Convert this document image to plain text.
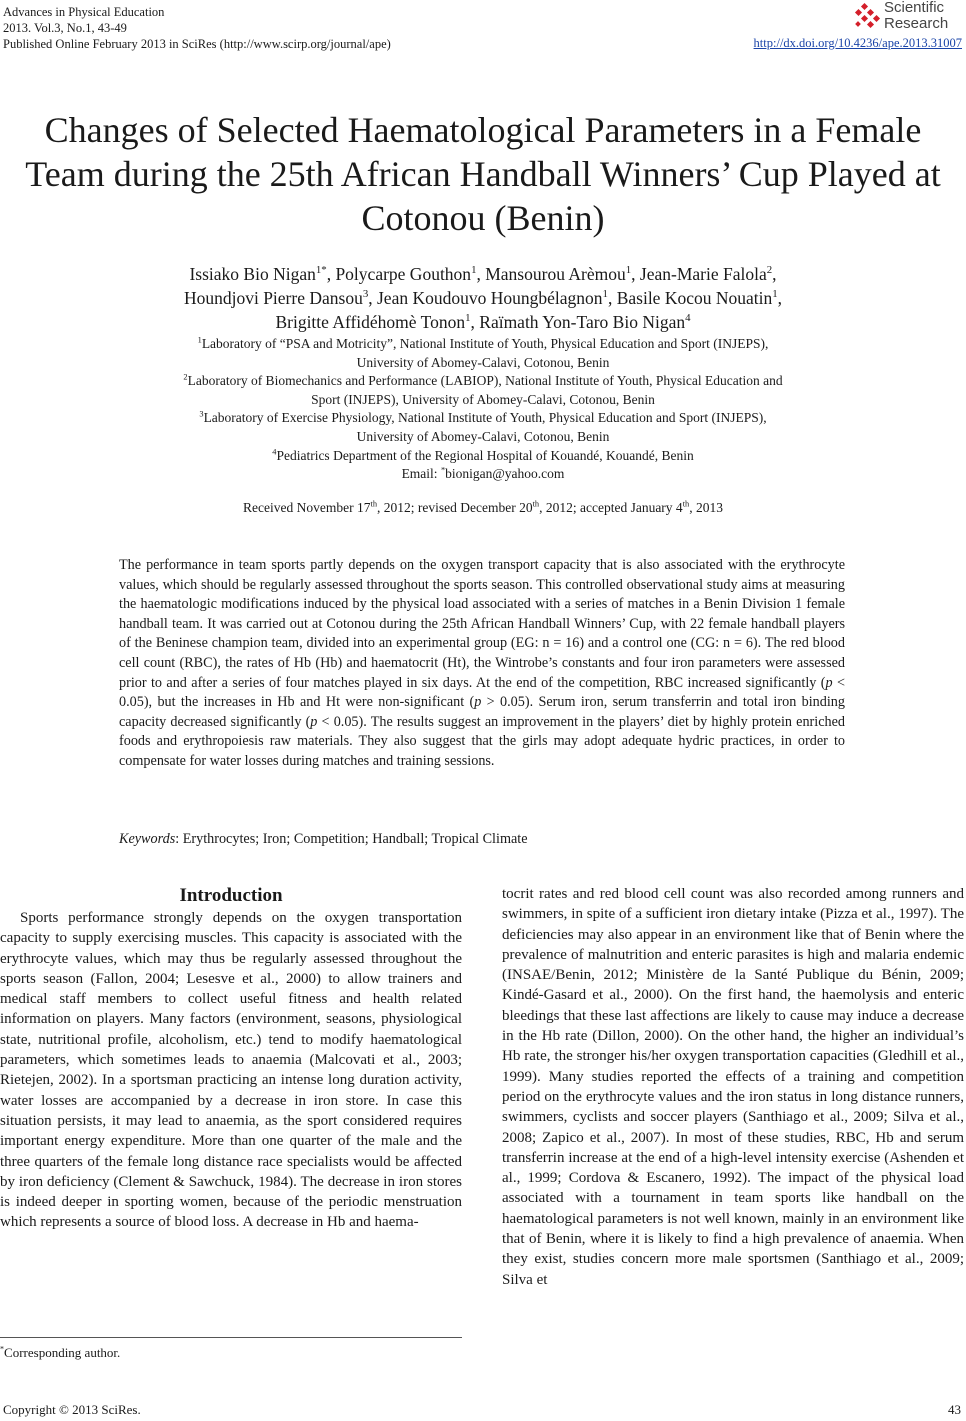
Advances in Physical Education
2013. Vol.3, No.1, 43-49
Published Online February 2013 in SciRes (http://www.scirp.org/journal/ape)	http://dx.doi.org/10.4236/ape.2013.31007
Scientific
Research
Changes of Selected Haematological Parameters in a Female Team during the 25th African Handball Winners’ Cup Played at Cotonou (Benin)
Issiako Bio Nigan$^{1*}$, Polycarpe Gouthon$^1$, Mansourou Arèmou$^1$, Jean-Marie Falola$^2$,
Houndjovi Pierre Dansou$^3$, Jean Koudouvo Houngbélagnon$^1$, Basile Kocou Nouatin$^1$,
Brigitte Affidéhomè Tonon$^1$, Raïmath Yon-Taro Bio Nigan$^4$
$^1$Laboratory of “PSA and Motricity”, National Institute of Youth, Physical Education and Sport (INJEPS),
University of Abomey-Calavi, Cotonou, Benin
$^2$Laboratory of Biomechanics and Performance (LABIOP), National Institute of Youth, Physical Education and
Sport (INJEPS), University of Abomey-Calavi, Cotonou, Benin
$^3$Laboratory of Exercise Physiology, National Institute of Youth, Physical Education and Sport (INJEPS),
University of Abomey-Calavi, Cotonou, Benin
$^4$Pediatrics Department of the Regional Hospital of Kouandé, Kouandé, Benin
Email: *bionigan@yahoo.com
Received November 17th, 2012; revised December 20th, 2012; accepted January 4th, 2013
The performance in team sports partly depends on the oxygen transport capacity that is also associated with the erythrocyte values, which should be regularly assessed throughout the sports season. This controlled observational study aims at measuring the haematologic modifications induced by the physical load associated with a series of matches in a Benin Division 1 female handball team. It was carried out at Cotonou during the 25th African Handball Winners’ Cup, with 22 female handball players of the Beninese champion team, divided into an experimental group (EG: n = 16) and a control one (CG: n = 6). The red blood cell count (RBC), the rates of Hb (Hb) and haematocrit (Ht), the Wintrobe’s constants and four iron parameters were assessed prior to and after a series of four matches played in six days. At the end of the competition, RBC increased significantly (p < 0.05), but the increases in Hb and Ht were non-significant (p > 0.05). Serum iron, serum transferrin and total iron binding capacity decreased significantly (p < 0.05). The results suggest an improvement in the players’ diet by highly protein enriched foods and erythropoiesis raw materials. They also suggest that the girls may adopt adequate hydric practices, in order to compensate for water losses during matches and training sessions.
Keywords: Erythrocytes; Iron; Competition; Handball; Tropical Climate

Introduction

Sports performance strongly depends on the oxygen transportation capacity to supply exercising muscles. This capacity is associated with the erythrocyte values, which may thus be regularly assessed throughout the sports season (Fallon, 2004; Lesesve et al., 2000) to allow trainers and medical staff members to collect useful fitness and health related information on players. Many factors (environment, seasons, physiological state, nutritional profile, alcoholism, etc.) tend to modify haematological parameters, which sometimes leads to anaemia (Malcovati et al., 2003; Rietejen, 2002). In a sportsman practicing an intense long duration activity, water losses are accompanied by a decrease in iron store. In case this situation persists, it may lead to anaemia, as the sport considered requires important energy expenditure. More than one quarter of the male and the three quarters of the female long distance race specialists would be affected by iron deficiency (Clement & Sawchuck, 1984). The decrease in iron stores is indeed deeper in sporting women, because of the periodic menstruation which represents a source of blood loss. A decrease in Hb and haema-

tocrit rates and red blood cell count was also recorded among runners and swimmers, in spite of a sufficient iron dietary intake (Pizza et al., 1997). The deficiencies may also appear in an environment like that of Benin where the prevalence of malnutrition and enteric parasites is high and malaria endemic (INSAE/Benin, 2012; Ministère de la Santé Publique du Bénin, 2009; Kindé-Gasard et al., 2000). On the first hand, the haemolysis and enteric bleedings that these last affections are likely to cause may induce a decrease in the Hb rate (Dillon, 2000). On the other hand, the higher an individual’s Hb rate, the stronger his/her oxygen transportation capacities (Gledhill et al., 1999). Many studies reported the effects of a training and competition period on the erythrocyte values and the iron status in long distance runners, swimmers, cyclists and soccer players (Santhiago et al., 2009; Silva et al., 2008; Zapico et al., 2007). In most of these studies, RBC, Hb and serum transferrin increase at the end of a high-level intensity exercise (Ashenden et al., 1999; Cordova & Escanero, 1992). The impact of the physical load associated with a tournament in team sports like handball on the haematological parameters is not well known, mainly in an environment like that of Benin, where it is likely to find a high prevalence of anaemia. When they exist, studies concern more male sportsmen (Santhiago et al., 2009; Silva et

*Corresponding author.
Copyright © 2013 SciRes.	43
